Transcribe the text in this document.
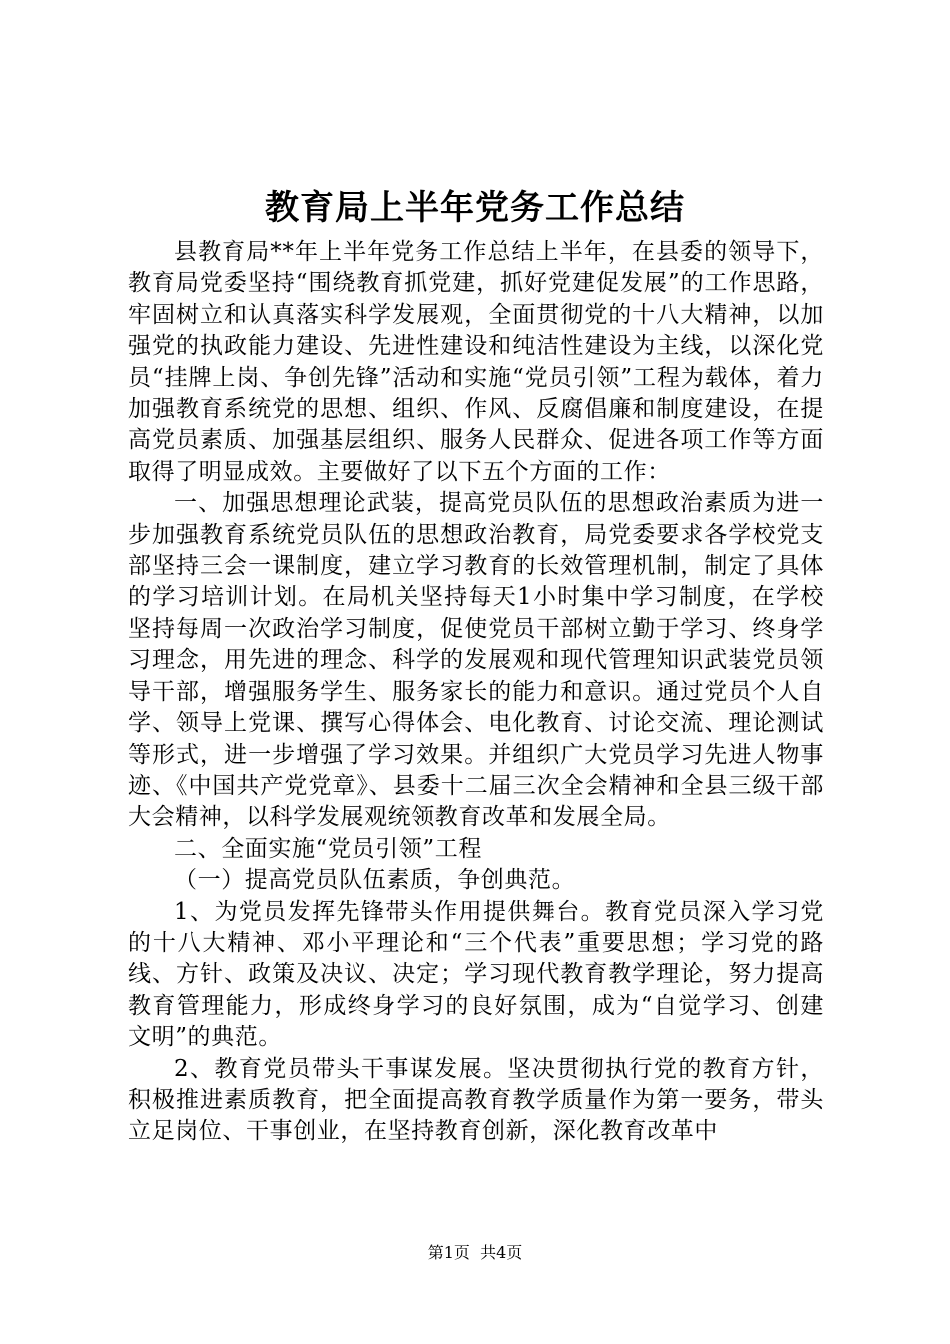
教育局上半年党务工作总结

县教育局**年上半年党务工作总结上半年，在县委的领导下，教育局党委坚持“围绕教育抓党建，抓好党建促发展”的工作思路，牢固树立和认真落实科学发展观，全面贯彻党的十八大精神，以加强党的执政能力建设、先进性建设和纯洁性建设为主线，以深化党员“挂牌上岗、争创先锋”活动和实施“党员引领”工程为载体，着力加强教育系统党的思想、组织、作风、反腐倡廉和制度建设，在提高党员素质、加强基层组织、服务人民群众、促进各项工作等方面取得了明显成效。主要做好了以下五个方面的工作：

一、加强思想理论武装，提高党员队伍的思想政治素质为进一步加强教育系统党员队伍的思想政治教育，局党委要求各学校党支部坚持三会一课制度，建立学习教育的长效管理机制，制定了具体的学习培训计划。在局机关坚持每天1小时集中学习制度，在学校坚持每周一次政治学习制度，促使党员干部树立勤于学习、终身学习理念，用先进的理念、科学的发展观和现代管理知识武装党员领导干部，增强服务学生、服务家长的能力和意识。通过党员个人自学、领导上党课、撰写心得体会、电化教育、讨论交流、理论测试等形式，进一步增强了学习效果。并组织广大党员学习先进人物事迹、《中国共产党党章》、县委十二届三次全会精神和全县三级干部大会精神，以科学发展观统领教育改革和发展全局。

二、全面实施“党员引领”工程

（一）提高党员队伍素质，争创典范。

1、为党员发挥先锋带头作用提供舞台。教育党员深入学习党的十八大精神、邓小平理论和“三个代表”重要思想；学习党的路线、方针、政策及决议、决定；学习现代教育教学理论，努力提高教育管理能力，形成终身学习的良好氛围，成为“自觉学习、创建文明”的典范。

2、教育党员带头干事谋发展。坚决贯彻执行党的教育方针，积极推进素质教育，把全面提高教育教学质量作为第一要务，带头立足岗位、干事创业，在坚持教育创新，深化教育改革中

第1页 共4页
